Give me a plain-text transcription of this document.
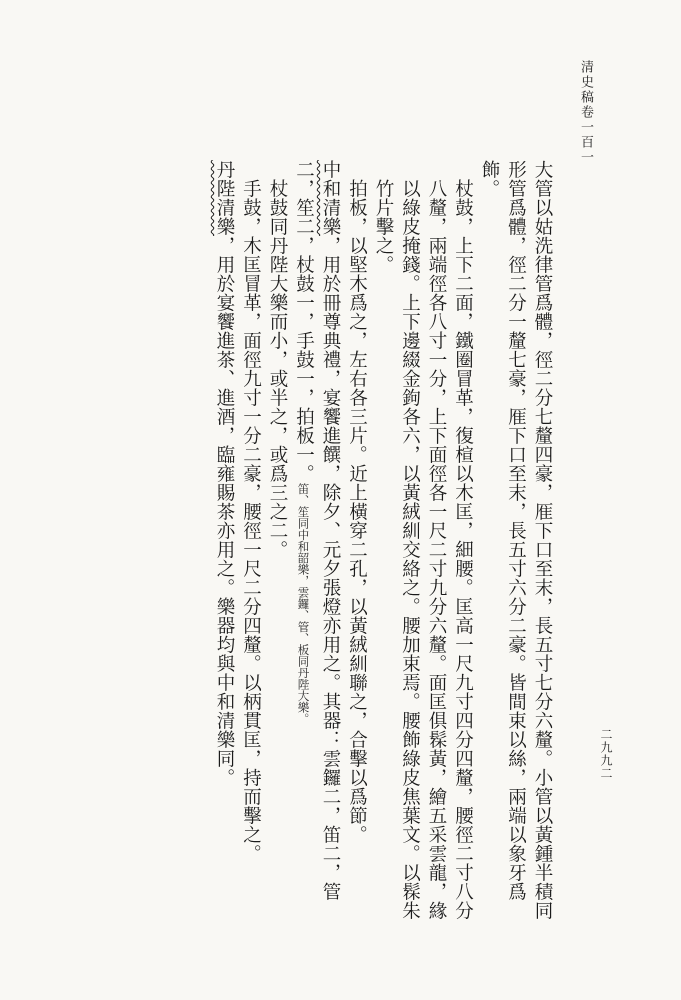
清史稿卷一百一
二九九二

大管以姑洗律管爲體，徑二分七釐四豪，㕍下口至末，長五寸七分六釐。小管以黃鍾半積同形管爲體，徑二分一釐七豪，㕍下口至末，長五寸六分二豪。皆間束以絲，兩端以象牙爲飾。

杖鼓，上下二面，鐵圈冒革，復楦以木匡，細腰。匡高一尺九寸四分四釐，腰徑二寸八分八釐，兩端徑各八寸一分，上下面徑各一尺二寸九分六釐。面匡俱髹黃，繪五采雲龍，緣以綠皮掩錢。上下邊綴金鉤各六，以黃絨紃交絡之。腰加束焉。腰飾綠皮焦葉文。以髹朱竹片擊之。

拍板，以堅木爲之，左右各三片。近上橫穿二孔，以黃絨紃聯之，合擊以爲節。

中和清樂，用於冊尊典禮，宴饗進饌，除夕、元夕張燈亦用之。其器：雲鑼二，笛二，管二，笙二，杖鼓一，手鼓一，拍板一。笛、笙同中和韶樂，雲鑼、管、板同丹陛大樂。

杖鼓同丹陛大樂而小，或半之，或爲三之二。

手鼓，木匡冒革，面徑九寸一分二豪，腰徑一尺二分四釐。以柄貫匡，持而擊之。

丹陛清樂，用於宴饗進茶、進酒，臨雍賜茶亦用之。樂器均與中和清樂同。
